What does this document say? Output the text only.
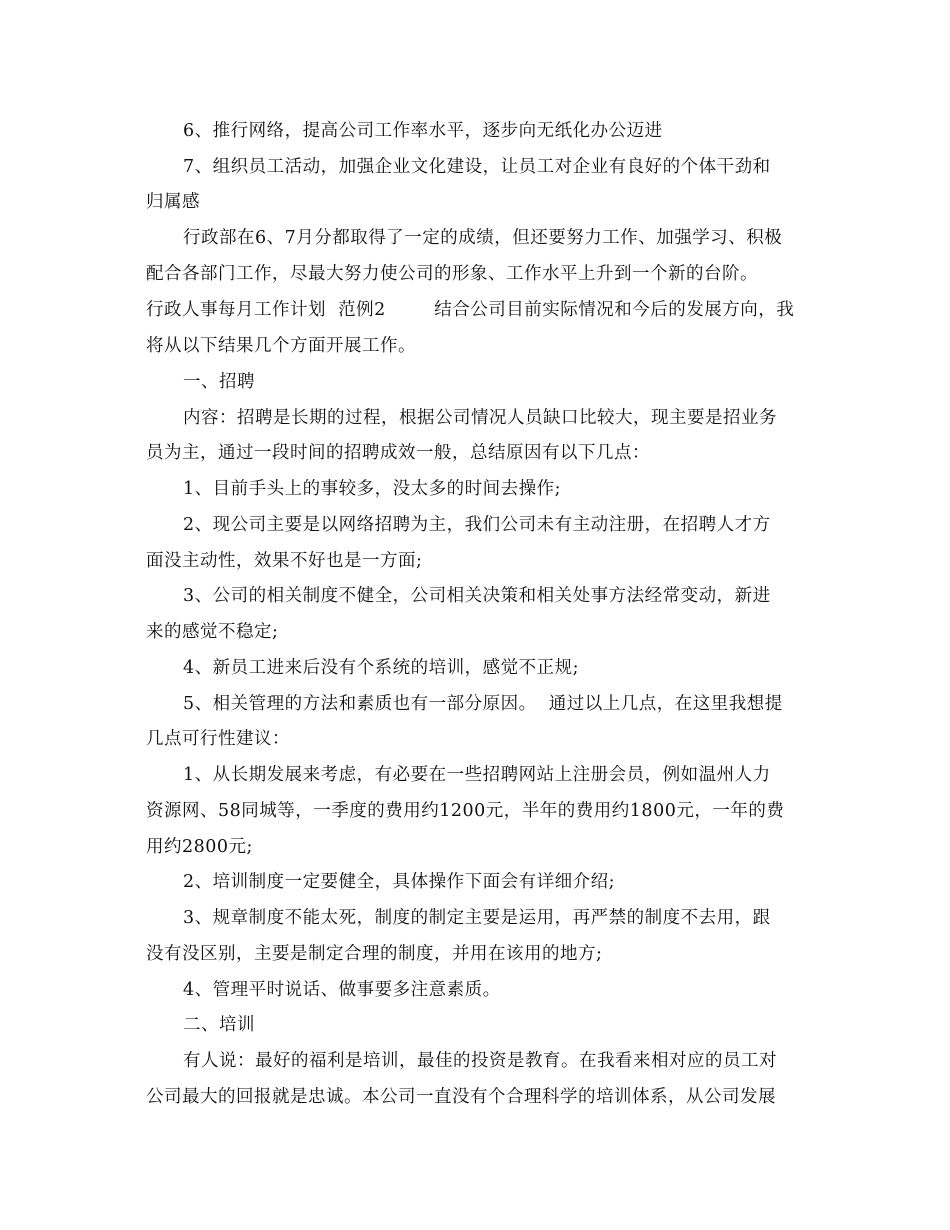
6、推行网络，提高公司工作率水平，逐步向无纸化办公迈进
7、组织员工活动，加强企业文化建设，让员工对企业有良好的个体干劲和
归属感
行政部在6、7月分都取得了一定的成绩，但还要努力工作、加强学习、积极
配合各部门工作，尽最大努力使公司的形象、工作水平上升到一个新的台阶。
行政人事每月工作计划  范例2        结合公司目前实际情况和今后的发展方向，我
将从以下结果几个方面开展工作。
一、招聘
内容：招聘是长期的过程，根据公司情况人员缺口比较大，现主要是招业务
员为主，通过一段时间的招聘成效一般，总结原因有以下几点：
1、目前手头上的事较多，没太多的时间去操作;
2、现公司主要是以网络招聘为主，我们公司未有主动注册，在招聘人才方
面没主动性，效果不好也是一方面;
3、公司的相关制度不健全，公司相关决策和相关处事方法经常变动，新进
来的感觉不稳定;
4、新员工进来后没有个系统的培训，感觉不正规;
5、相关管理的方法和素质也有一部分原因。  通过以上几点，在这里我想提
几点可行性建议：
1、从长期发展来考虑，有必要在一些招聘网站上注册会员，例如温州人力
资源网、58同城等，一季度的费用约1200元，半年的费用约1800元，一年的费
用约2800元;
2、培训制度一定要健全，具体操作下面会有详细介绍;
3、规章制度不能太死，制度的制定主要是运用，再严禁的制度不去用，跟
没有没区别，主要是制定合理的制度，并用在该用的地方;
4、管理平时说话、做事要多注意素质。
二、培训
有人说：最好的福利是培训，最佳的投资是教育。在我看来相对应的员工对
公司最大的回报就是忠诚。本公司一直没有个合理科学的培训体系，从公司发展
